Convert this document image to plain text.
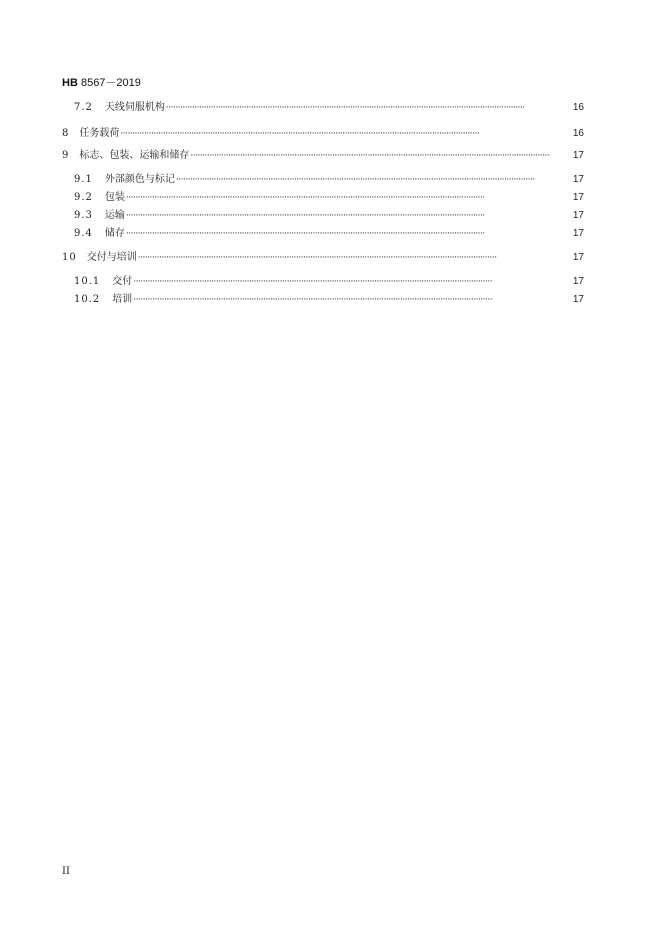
HB 8567－2019
7.2 天线伺服机构 ·····	16
8 任务载荷 ·····	16
9 标志、包装、运输和储存 ·····	17
9.1 外部颜色与标记 ·····	17
9.2 包装 ·····	17
9.3 运输 ·····	17
9.4 储存 ·····	17
10 交付与培训 ·····	17
10.1 交付 ·····	17
10.2 培训 ·····	17
II
